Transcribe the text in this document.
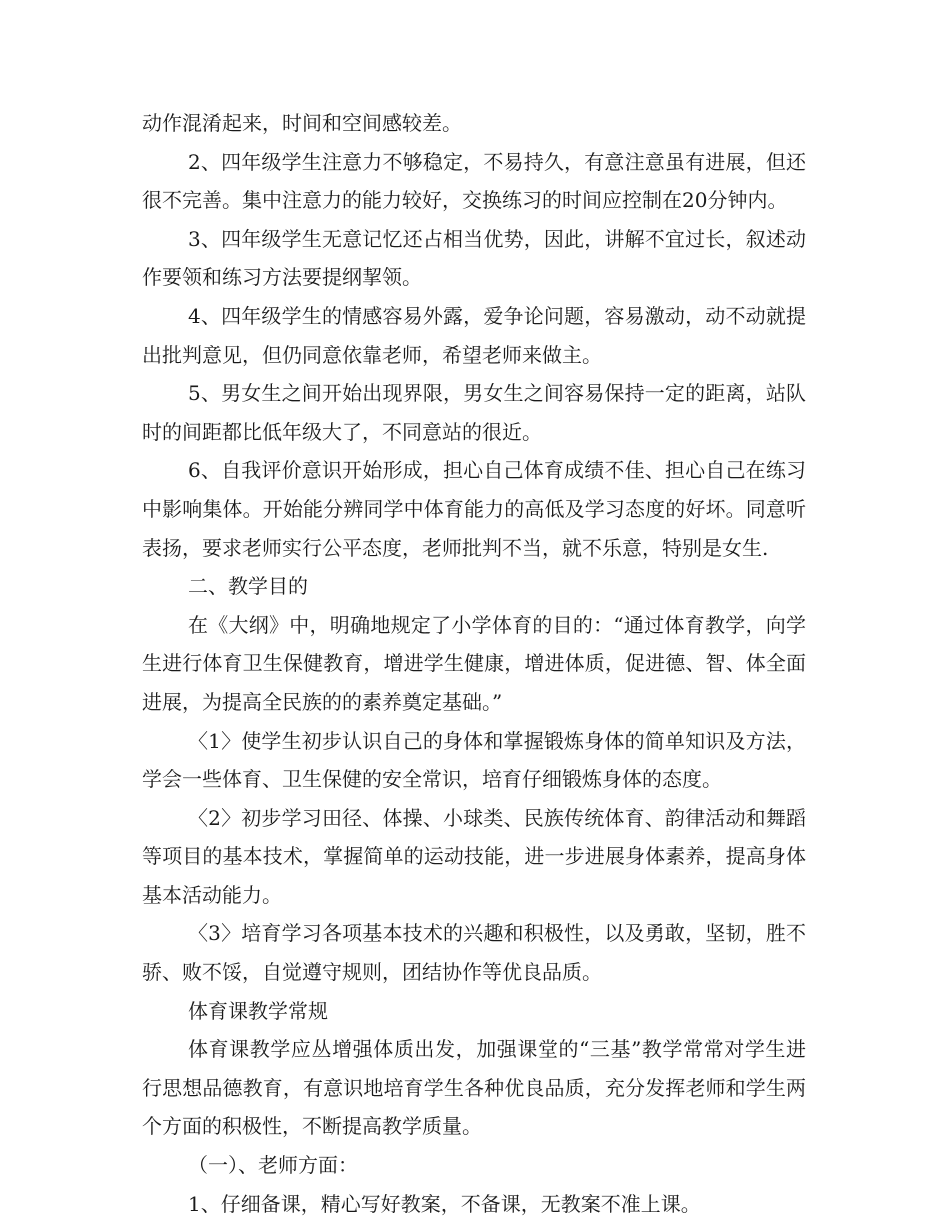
动作混淆起来，时间和空间感较差。

2、四年级学生注意力不够稳定，不易持久，有意注意虽有进展，但还很不完善。集中注意力的能力较好，交换练习的时间应控制在20分钟内。

3、四年级学生无意记忆还占相当优势，因此，讲解不宜过长，叙述动作要领和练习方法要提纲挈领。

4、四年级学生的情感容易外露，爱争论问题，容易激动，动不动就提出批判意见，但仍同意依靠老师，希望老师来做主。

5、男女生之间开始出现界限，男女生之间容易保持一定的距离，站队时的间距都比低年级大了，不同意站的很近。

6、自我评价意识开始形成，担心自己体育成绩不佳、担心自己在练习中影响集体。开始能分辨同学中体育能力的高低及学习态度的好坏。同意听表扬，要求老师实行公平态度，老师批判不当，就不乐意，特别是女生.

二、教学目的

在《大纲》中，明确地规定了小学体育的目的：“通过体育教学，向学生进行体育卫生保健教育，增进学生健康，增进体质，促进德、智、体全面进展，为提高全民族的的素养奠定基础。”

〈1〉使学生初步认识自己的身体和掌握锻炼身体的简单知识及方法，学会一些体育、卫生保健的安全常识，培育仔细锻炼身体的态度。

〈2〉初步学习田径、体操、小球类、民族传统体育、韵律活动和舞蹈等项目的基本技术，掌握简单的运动技能，进一步进展身体素养，提高身体基本活动能力。

〈3〉培育学习各项基本技术的兴趣和积极性，以及勇敢，坚韧，胜不骄、败不馁，自觉遵守规则，团结协作等优良品质。

体育课教学常规

体育课教学应丛增强体质出发，加强课堂的“三基”教学常常对学生进行思想品德教育，有意识地培育学生各种优良品质，充分发挥老师和学生两个方面的积极性，不断提高教学质量。

（一）、老师方面：

1、仔细备课，精心写好教案，不备课，无教案不准上课。
